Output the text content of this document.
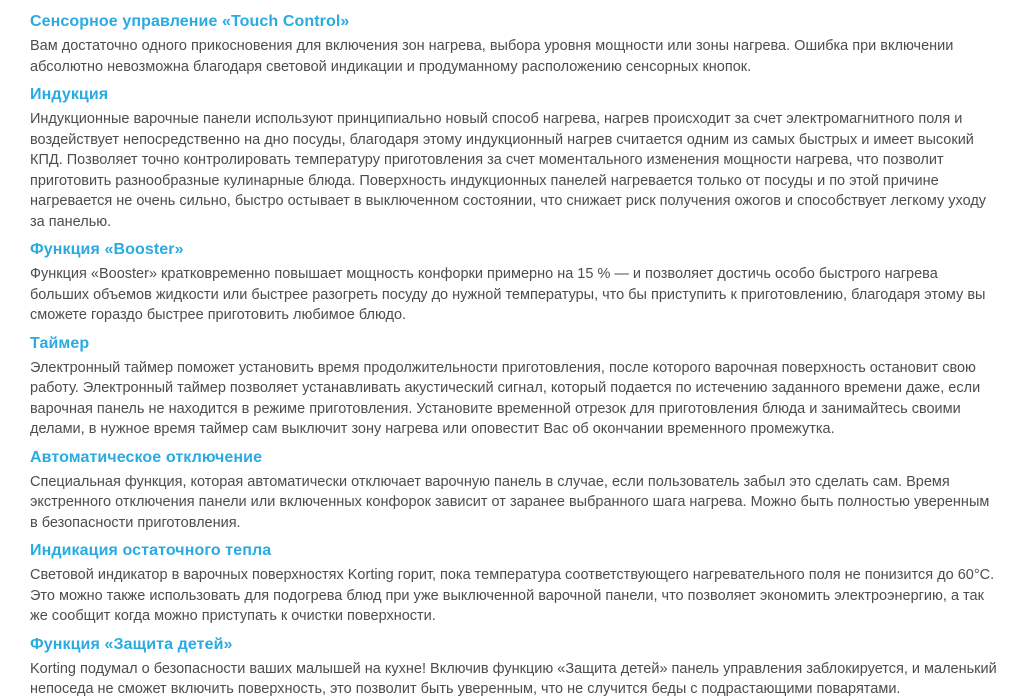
Сенсорное управление «Touch Control»

Вам достаточно одного прикосновения для включения зон нагрева, выбора уровня мощности или зоны нагрева. Ошибка при включении абсолютно невозможна благодаря световой индикации и продуманному расположению сенсорных кнопок.

Индукция

Индукционные варочные панели используют принципиально новый способ нагрева, нагрев происходит за счет электромагнитного поля и воздействует непосредственно на дно посуды, благодаря этому индукционный нагрев считается одним из самых быстрых и имеет высокий КПД. Позволяет точно контролировать температуру приготовления за счет моментального изменения мощности нагрева, что позволит приготовить разнообразные кулинарные блюда. Поверхность индукционных панелей нагревается только от посуды и по этой причине нагревается не очень сильно, быстро остывает в выключенном состоянии, что снижает риск получения ожогов и способствует легкому уходу за панелью.

Функция «Booster»

Функция «Booster» кратковременно повышает мощность конфорки примерно на 15 % — и позволяет достичь особо быстрого нагрева больших объемов жидкости или быстрее разогреть посуду до нужной температуры, что бы приступить к приготовлению, благодаря этому вы сможете гораздо быстрее приготовить любимое блюдо.

Таймер

Электронный таймер поможет установить время продолжительности приготовления, после которого варочная поверхность остановит свою работу. Электронный таймер позволяет устанавливать акустический сигнал, который подается по истечению заданного времени даже, если варочная панель не находится в режиме приготовления. Установите временной отрезок для приготовления блюда и занимайтесь своими делами, в нужное время таймер сам выключит зону нагрева или оповестит Вас об окончании временного промежутка.

Автоматическое отключение

Специальная функция, которая автоматически отключает варочную панель в случае, если пользователь забыл это сделать сам. Время экстренного отключения панели или включенных конфорок зависит от заранее выбранного шага нагрева. Можно быть полностью уверенным в безопасности приготовления.

Индикация остаточного тепла

Световой индикатор в варочных поверхностях Korting горит, пока температура соответствующего нагревательного поля не понизится до 60°С. Это можно также использовать для подогрева блюд при уже выключенной варочной панели, что позволяет экономить электроэнергию, а так же сообщит когда можно приступать к очистки поверхности.

Функция «Защита детей»

Korting подумал о безопасности ваших малышей на кухне! Включив функцию «Защита детей» панель управления заблокируется, и маленький непоседа не сможет включить поверхность, это позволит быть уверенным, что не случится беды с подрастающими поварятами.
